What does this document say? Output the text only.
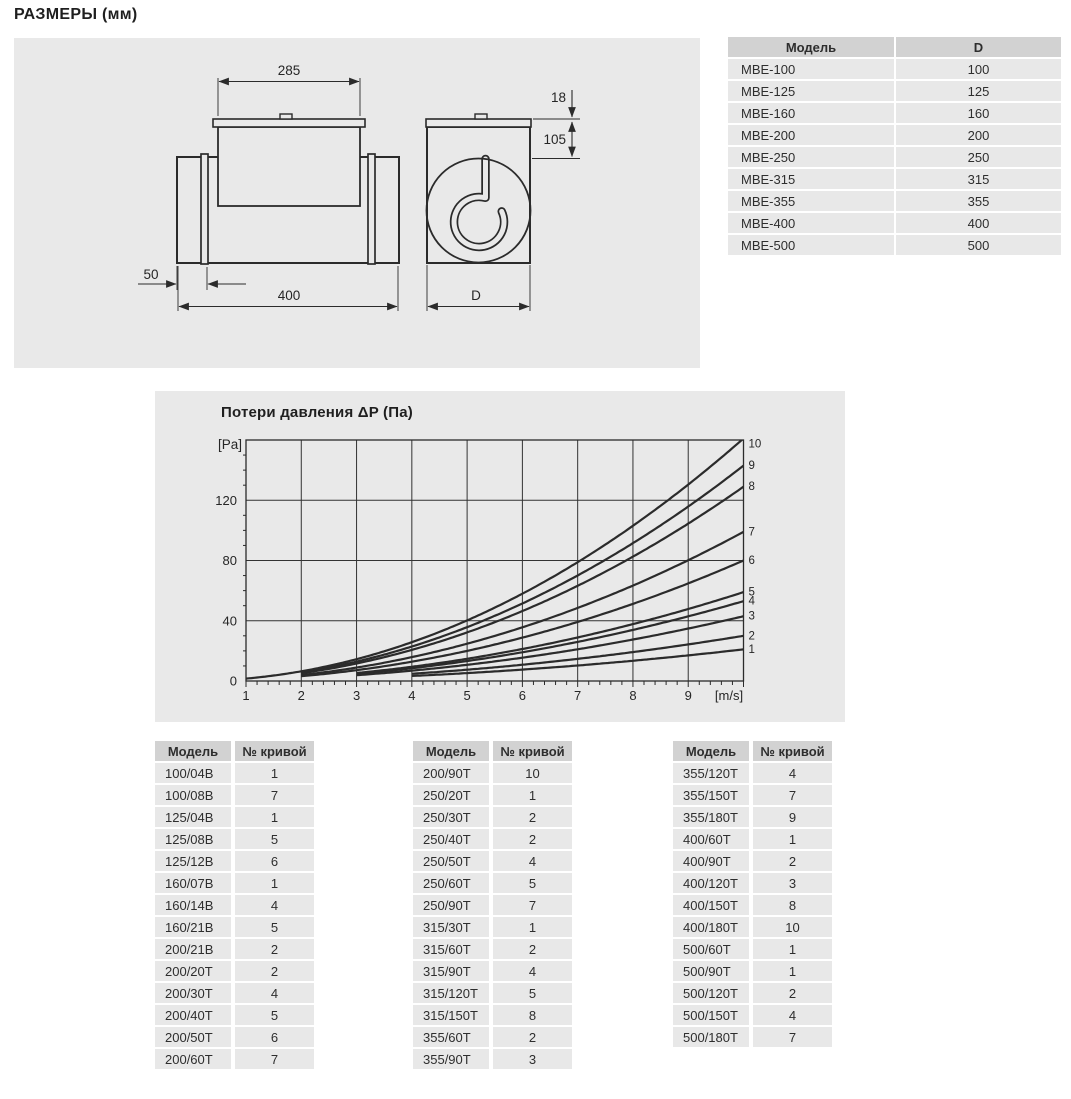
РАЗМЕРЫ (мм)
285
400
50
D
18
105
Модель	D
МВЕ-100	100
МВЕ-125	125
МВЕ-160	160
МВЕ-200	200
МВЕ-250	250
МВЕ-315	315
МВЕ-355	355
МВЕ-400	400
МВЕ-500	500
Потери давления ΔP (Па)
1	2	3	4	5	6	7	8	9 [m/s]
0
40
80
120
[Pa]
1
2
3
4
5
6
7
8
9
10
Модель	№ кривой
100/04В	1
100/08В	7
125/04В	1
125/08В	5
125/12В	6
160/07В	1
160/14В	4
160/21В	5
200/21В	2
200/20Т	2
200/30Т	4
200/40Т	5
200/50Т	6
200/60Т	7
Модель	№ кривой
200/90Т	10
250/20Т	1
250/30Т	2
250/40Т	2
250/50Т	4
250/60Т	5
250/90Т	7
315/30Т	1
315/60Т	2
315/90Т	4
315/120Т	5
315/150Т	8
355/60Т	2
355/90Т	3
Модель	№ кривой
355/120Т	4
355/150Т	7
355/180Т	9
400/60Т	1
400/90Т	2
400/120Т	3
400/150Т	8
400/180Т	10
500/60Т	1
500/90Т	1
500/120Т	2
500/150Т	4
500/180Т	7
